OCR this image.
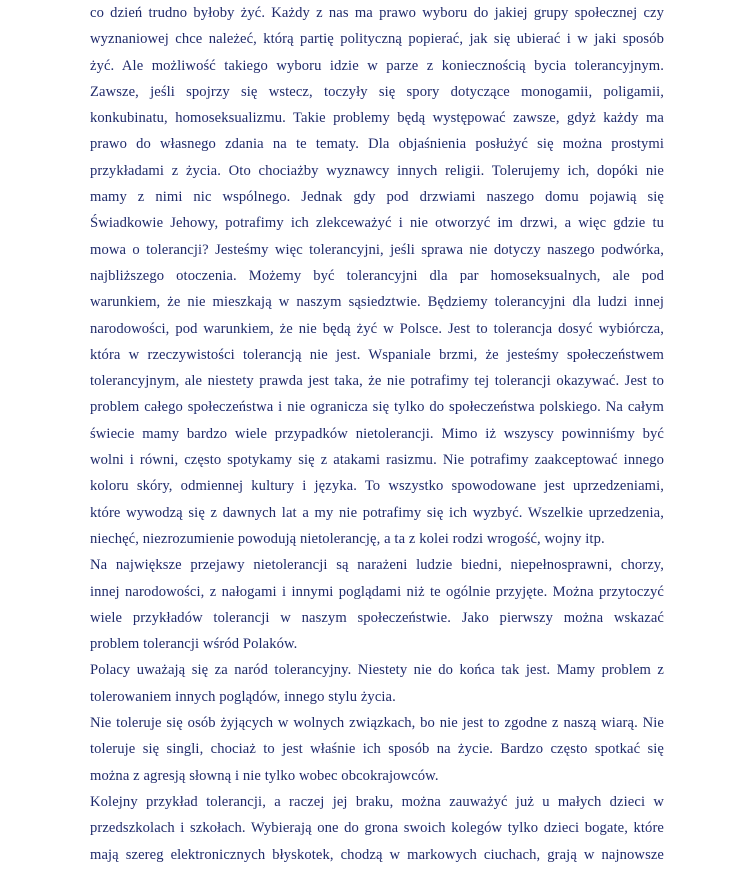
co dzień trudno byłoby żyć. Każdy z nas ma prawo wyboru do jakiej grupy społecznej czy
wyznaniowej chce należeć, którą partię polityczną popierać, jak się ubierać i w jaki sposób
żyć. Ale możliwość takiego wyboru idzie w parze z koniecznością bycia tolerancyjnym.
Zawsze, jeśli spojrzy się wstecz, toczyły się spory dotyczące monogamii, poligamii,
konkubinatu, homoseksualizmu. Takie problemy będą występować zawsze, gdyż każdy ma
prawo do własnego zdania na te tematy. Dla objaśnienia posłużyć się można prostymi
przykładami z życia. Oto chociażby wyznawcy innych religii. Tolerujemy ich, dopóki nie
mamy z nimi nic wspólnego. Jednak gdy pod drzwiami naszego domu pojawią się
Świadkowie Jehowy, potrafimy ich zlekceważyć i nie otworzyć im drzwi, a więc gdzie tu
mowa o tolerancji? Jesteśmy więc tolerancyjni, jeśli sprawa nie dotyczy naszego podwórka,
najbliższego otoczenia. Możemy być tolerancyjni dla par homoseksualnych, ale pod
warunkiem, że nie mieszkają w naszym sąsiedztwie. Będziemy tolerancyjni dla ludzi innej
narodowości, pod warunkiem, że nie będą żyć w Polsce. Jest to tolerancja dosyć wybiórcza,
która w rzeczywistości tolerancją nie jest. Wspaniale brzmi, że jesteśmy społeczeństwem
tolerancyjnym, ale niestety prawda jest taka, że nie potrafimy tej tolerancji okazywać. Jest to
problem całego społeczeństwa i nie ogranicza się tylko do społeczeństwa polskiego. Na całym
świecie mamy bardzo wiele przypadków nietolerancji. Mimo iż wszyscy powinniśmy być
wolni i równi, często spotykamy się z atakami rasizmu. Nie potrafimy zaakceptować innego
koloru skóry, odmiennej kultury i języka. To wszystko spowodowane jest uprzedzeniami,
które wywodzą się z dawnych lat a my nie potrafimy się ich wyzbyć. Wszelkie uprzedzenia,
niechęć, niezrozumienie powodują nietolerancję, a ta z kolei rodzi wrogość, wojny itp.
Na największe przejawy nietolerancji są narażeni ludzie biedni, niepełnosprawni, chorzy,
innej narodowości, z nałogami i innymi poglądami niż te ogólnie przyjęte. Można przytoczyć
wiele przykładów tolerancji w naszym społeczeństwie. Jako pierwszy można wskazać
problem tolerancji wśród Polaków.
Polacy uważają się za naród tolerancyjny. Niestety nie do końca tak jest. Mamy problem z
tolerowaniem innych poglądów, innego stylu życia.
Nie toleruje się osób żyjących w wolnych związkach, bo nie jest to zgodne z naszą wiarą. Nie
toleruje się singli, chociaż to jest właśnie ich sposób na życie. Bardzo często spotkać się
można z agresją słowną i nie tylko wobec obcokrajowców.
Kolejny przykład tolerancji, a raczej jej braku, można zauważyć już u małych dzieci w
przedszkolach i szkołach. Wybierają one do grona swoich kolegów tylko dzieci bogate, które
mają szereg elektronicznych błyskotek, chodzą w markowych ciuchach, grają w najnowsze
